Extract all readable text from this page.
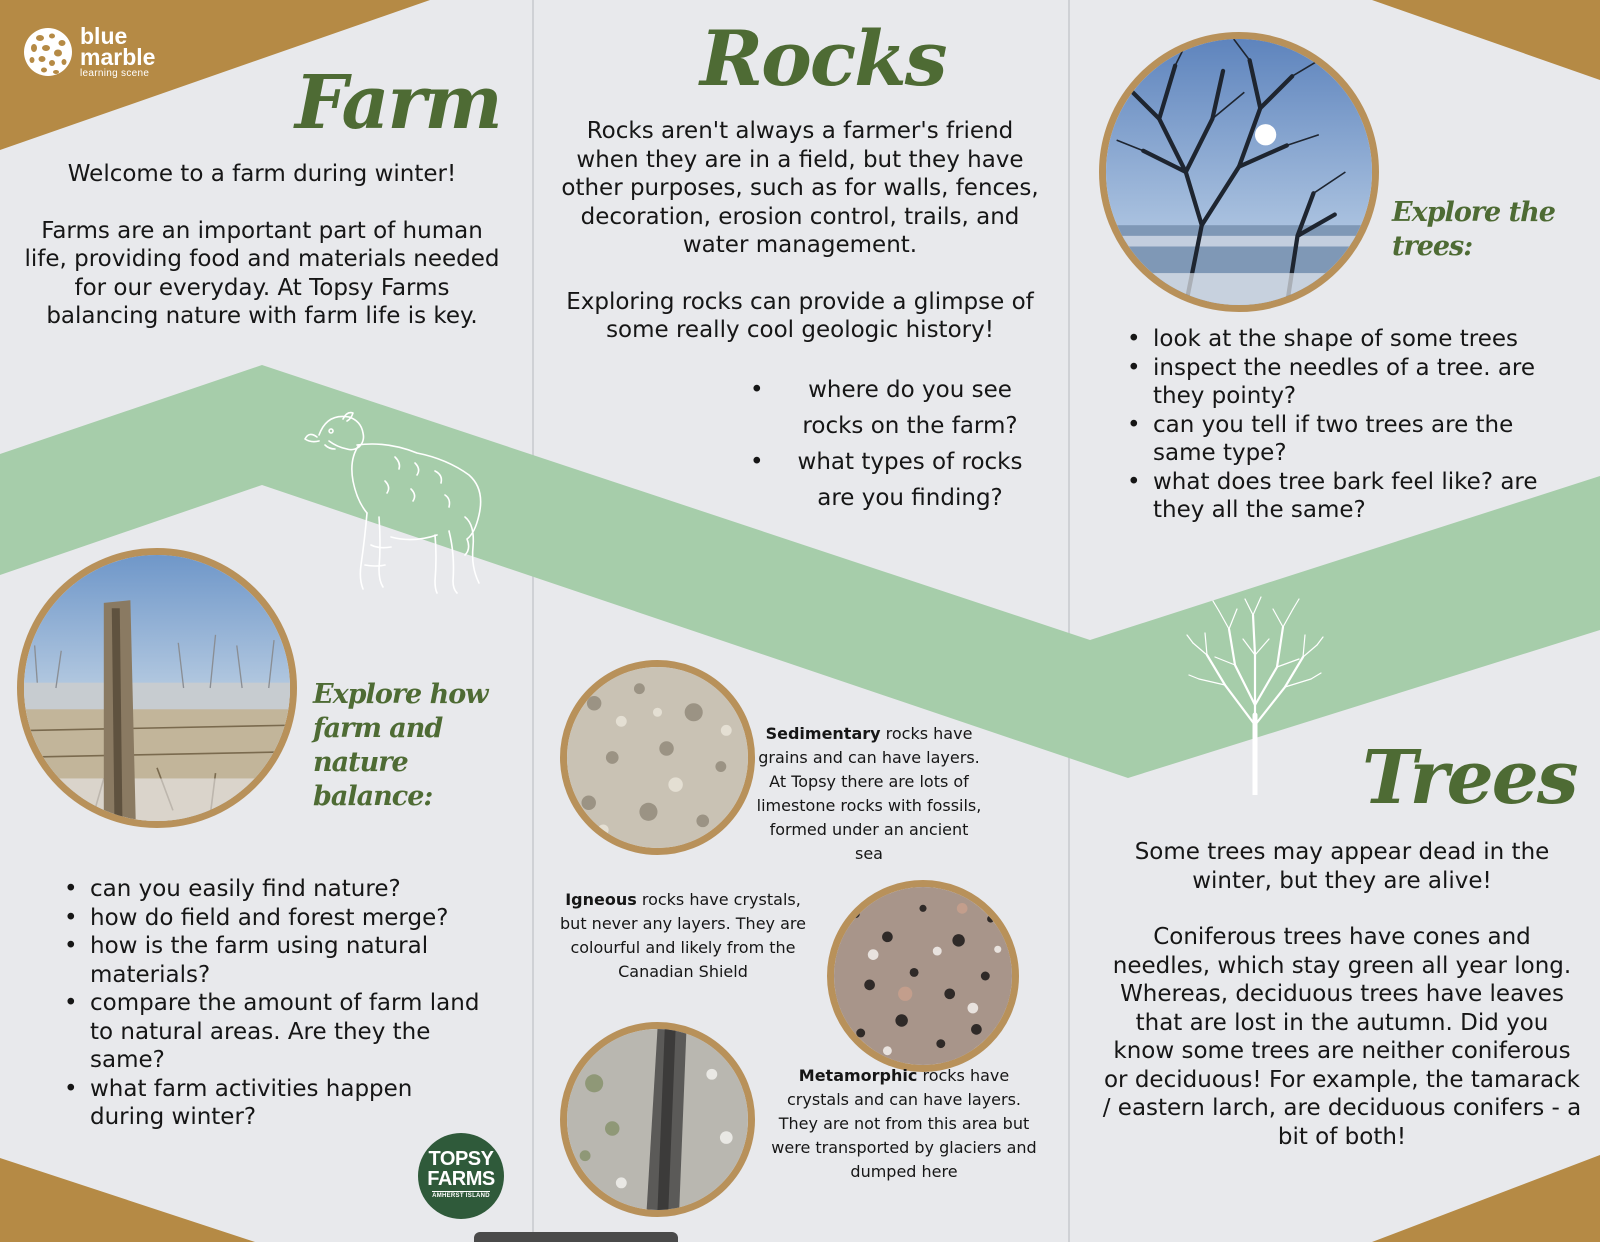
blue
marble
learning scene Farm

Welcome to a farm during winter!

Farms are an important part of human life, providing food and materials needed for our everyday. At Topsy Farms balancing nature with farm life is key.

Explore how farm and nature balance:
• can you easily find nature?
• how do field and forest merge?
• how is the farm using natural materials?
• compare the amount of farm land to natural areas. Are they the same?
• what farm activities happen during winter?
TOPSY
FARMS
AMHERST ISLAND
Rocks

Rocks aren't always a farmer's friend when they are in a field, but they have other purposes, such as for walls, fences, decoration, erosion control, trails, and water management.

Exploring rocks can provide a glimpse of some really cool geologic history!

• where do you see rocks on the farm?
• what types of rocks are you finding?
Sedimentary rocks have grains and can have layers. At Topsy there are lots of limestone rocks with fossils, formed under an ancient sea
Igneous rocks have crystals, but never any layers. They are colourful and likely from the Canadian Shield
Metamorphic rocks have crystals and can have layers. They are not from this area but were transported by glaciers and dumped here
Explore the trees:
• look at the shape of some trees
• inspect the needles of a tree. are they pointy?
• can you tell if two trees are the same type?
• what does tree bark feel like? are they all the same?
Trees

Some trees may appear dead in the winter, but they are alive!

Coniferous trees have cones and needles, which stay green all year long. Whereas, deciduous trees have leaves that are lost in the autumn. Did you know some trees are neither coniferous or deciduous! For example, the tamarack / eastern larch, are deciduous conifers - a bit of both!
